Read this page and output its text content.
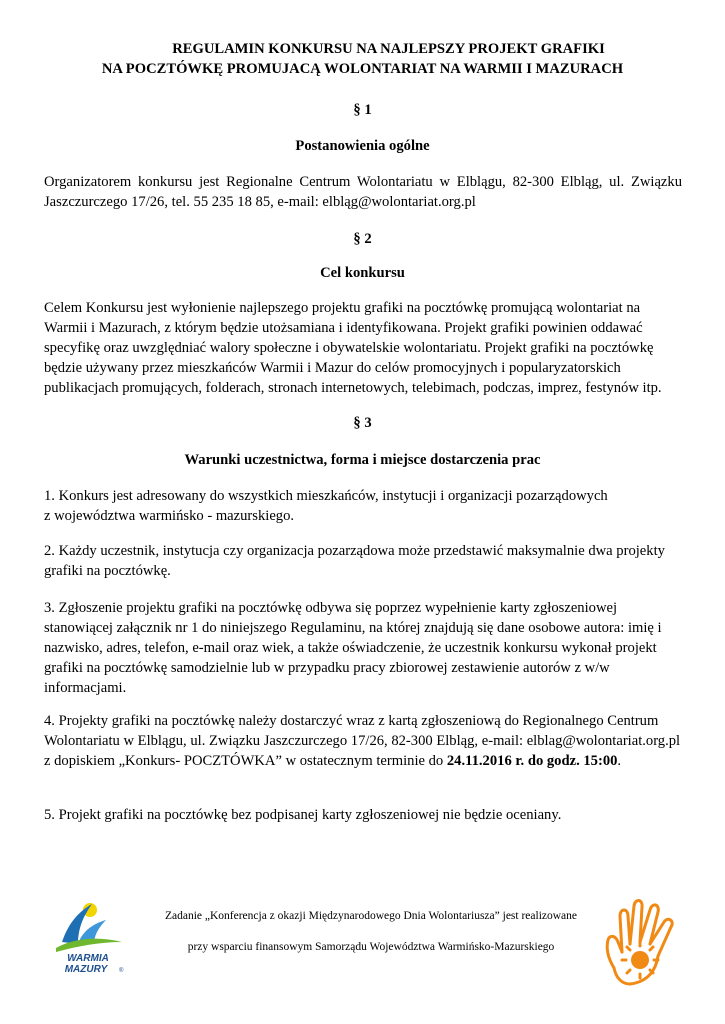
REGULAMIN KONKURSU NA NAJLEPSZY PROJEKT GRAFIKI
NA POCZTÓWKĘ PROMUJACĄ WOLONTARIAT NA WARMII I MAZURACH
§ 1
Postanowienia ogólne
Organizatorem konkursu jest Regionalne Centrum Wolontariatu w Elblągu, 82-300 Elbląg, ul. Związku Jaszczurczego 17/26, tel. 55 235 18 85, e-mail: elbląg@wolontariat.org.pl
§ 2
Cel konkursu
Celem Konkursu jest wyłonienie najlepszego projektu grafiki na pocztówkę promującą wolontariat na Warmii i Mazurach, z którym będzie utożsamiana i identyfikowana. Projekt grafiki powinien oddawać specyfikę oraz uwzględniać walory społeczne i obywatelskie wolontariatu. Projekt grafiki na pocztówkę będzie używany przez mieszkańców Warmii i Mazur do celów promocyjnych i popularyzatorskich publikacjach promujących, folderach, stronach internetowych, telebimach, podczas, imprez, festynów itp.
§ 3
Warunki uczestnictwa, forma i miejsce dostarczenia prac
1. Konkurs jest adresowany do wszystkich mieszkańców, instytucji i organizacji pozarządowych
z województwa warmińsko - mazurskiego.
2. Każdy uczestnik, instytucja czy organizacja pozarządowa może przedstawić maksymalnie dwa projekty grafiki na pocztówkę.
3. Zgłoszenie projektu grafiki na pocztówkę odbywa się poprzez wypełnienie karty zgłoszeniowej stanowiącej załącznik nr 1 do niniejszego Regulaminu, na której znajdują się dane osobowe autora: imię i nazwisko, adres, telefon, e-mail oraz wiek, a także oświadczenie, że uczestnik konkursu wykonał projekt grafiki na pocztówkę samodzielnie lub w przypadku pracy zbiorowej zestawienie autorów z w/w informacjami.
4. Projekty grafiki na pocztówkę należy dostarczyć wraz z kartą zgłoszeniową do Regionalnego Centrum Wolontariatu w Elblągu, ul. Związku Jaszczurczego 17/26, 82-300 Elbląg, e-mail: elblag@wolontariat.org.pl z dopiskiem „Konkurs- POCZTÓWKA” w ostatecznym terminie do 24.11.2016 r. do godz. 15:00.
5. Projekt grafiki na pocztówkę bez podpisanej karty zgłoszeniowej nie będzie oceniany.
Zadanie „Konferencja z okazji Międzynarodowego Dnia Wolontariusza” jest realizowane
przy wsparciu finansowym Samorządu Województwa Warmińsko-Mazurskiego
WARMIA
MAZURY ®
